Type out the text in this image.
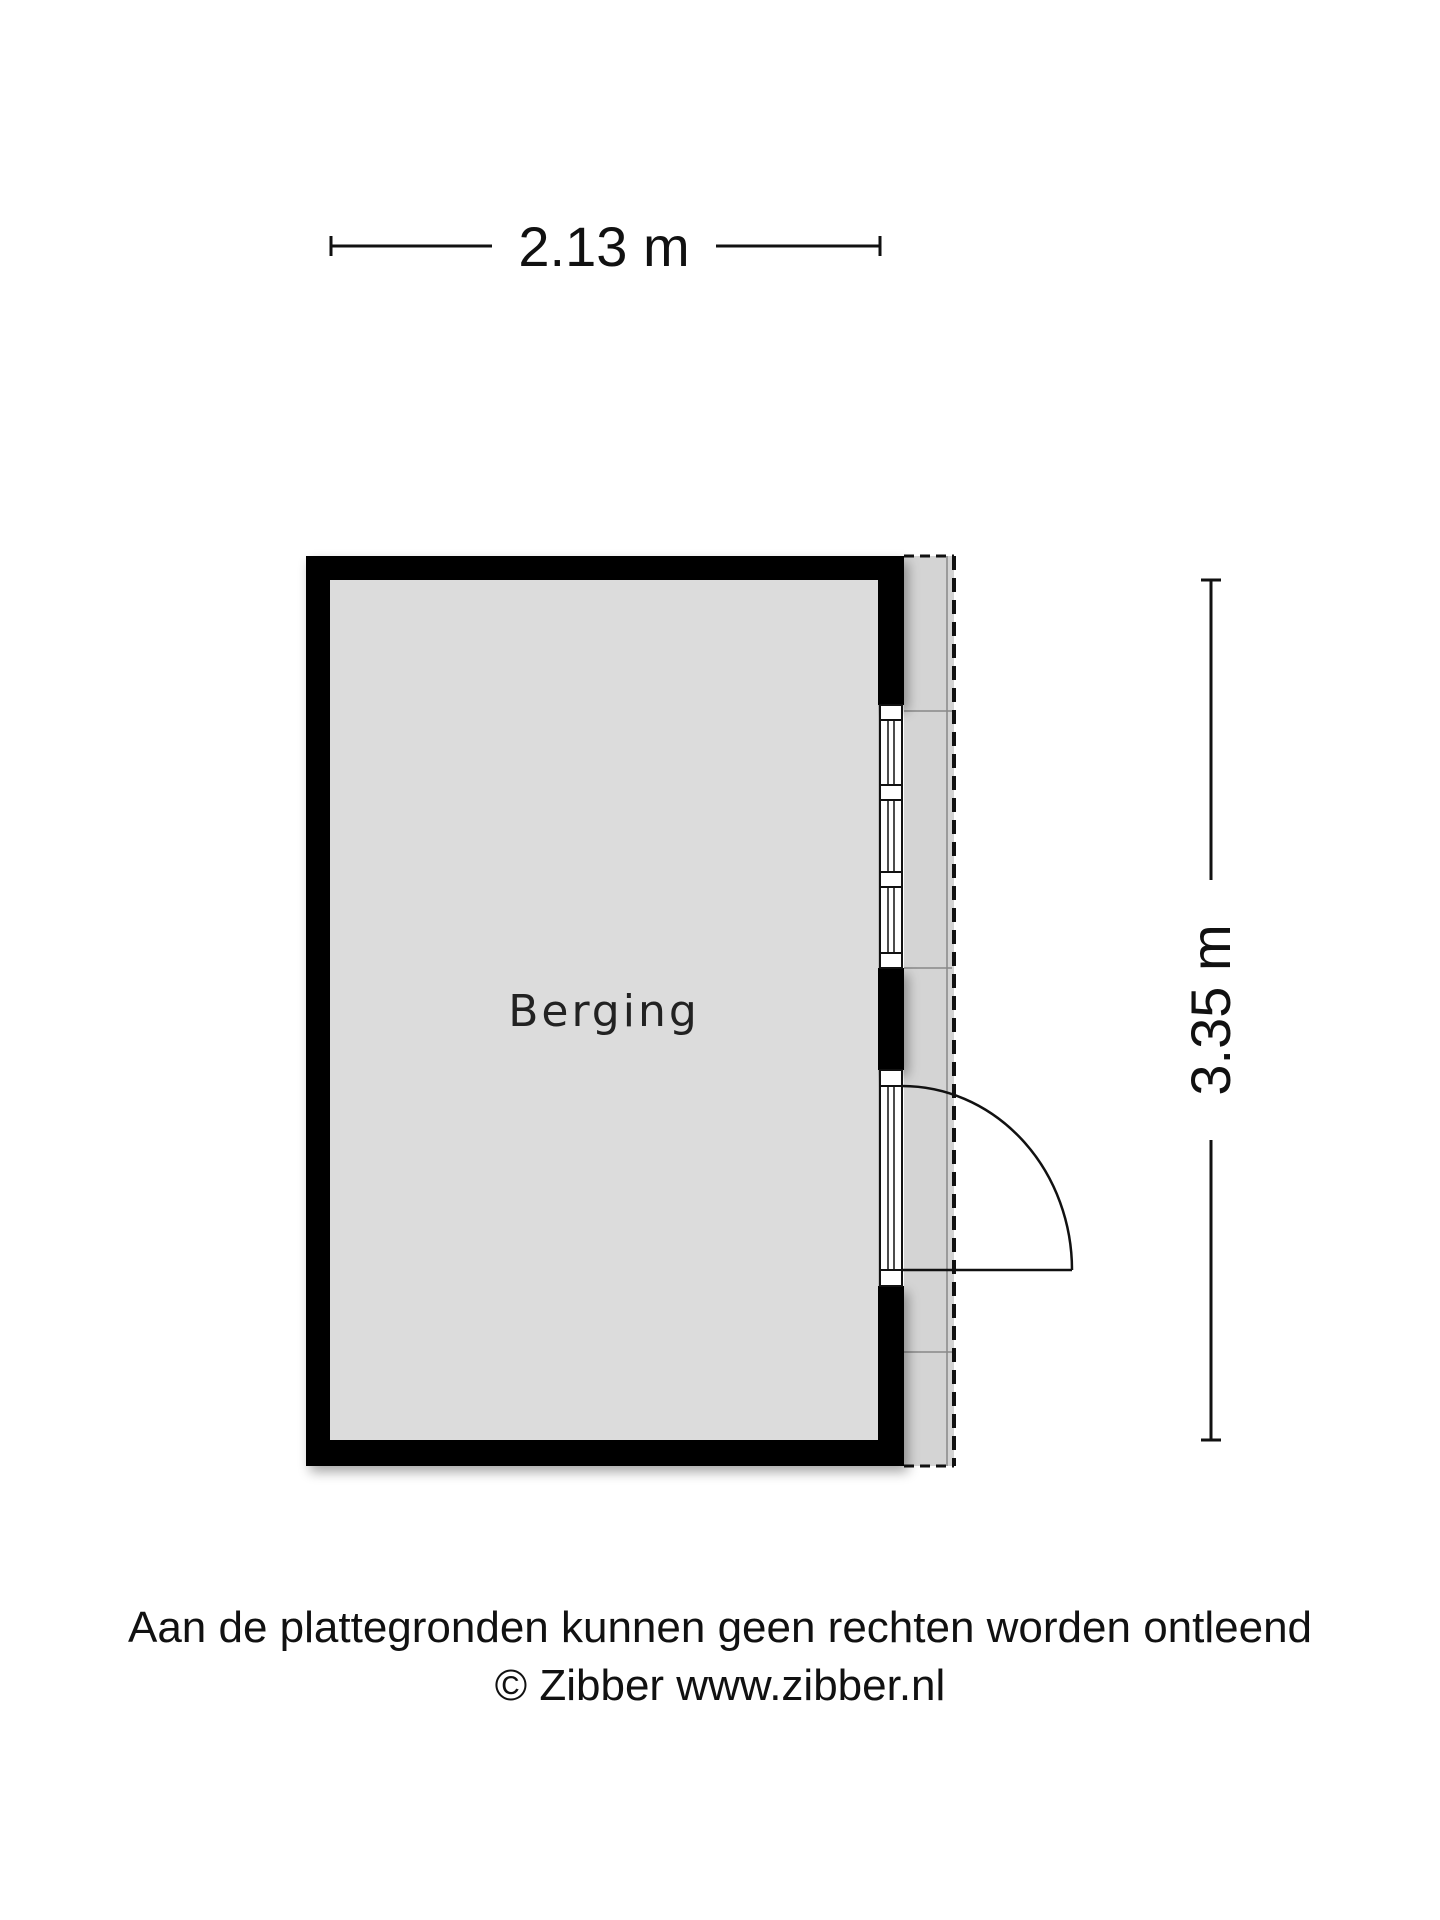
2.13 m
Berging	3.35 m
Aan de plattegronden kunnen geen rechten worden ontleend
© Zibber www.zibber.nl
